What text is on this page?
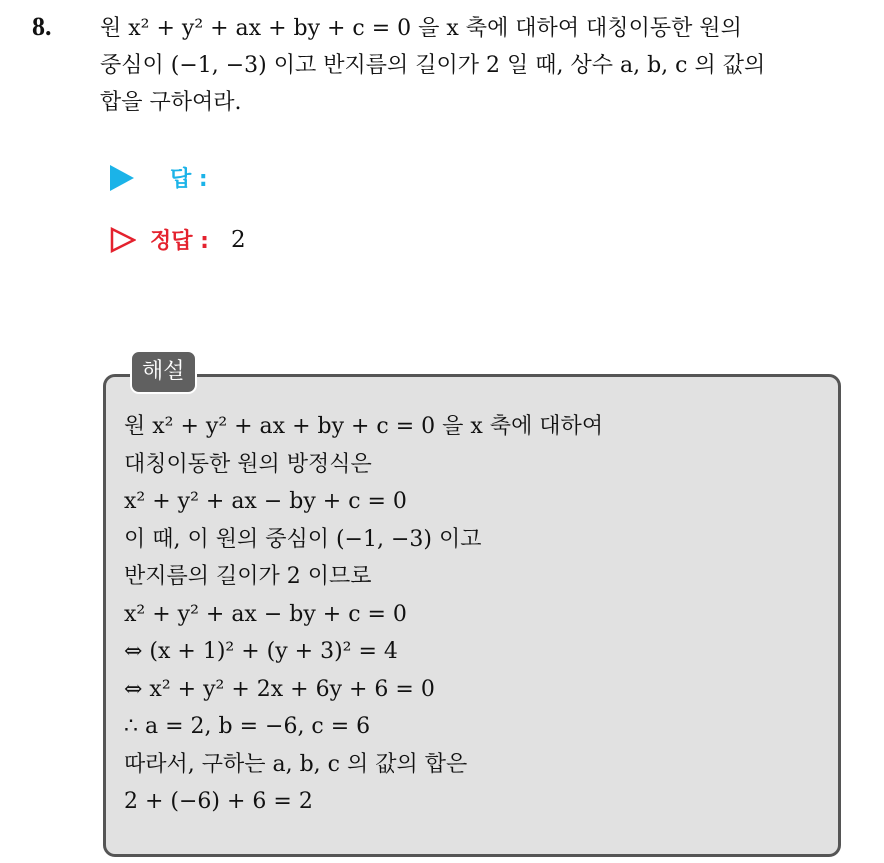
8. 원 x² + y² + ax + by + c = 0 을 x 축에 대하여 대칭이동한 원의
중심이 (−1, −3) 이고 반지름의 길이가 2 일 때, 상수 a, b, c 의 값의
합을 구하여라.
답 :
정답 : 2
해설
원 x² + y² + ax + by + c = 0 을 x 축에 대하여
대칭이동한 원의 방정식은
x² + y² + ax − by + c = 0
이 때, 이 원의 중심이 (−1, −3) 이고
반지름의 길이가 2 이므로
x² + y² + ax − by + c = 0
⇔ (x + 1)² + (y + 3)² = 4
⇔ x² + y² + 2x + 6y + 6 = 0
∴ a = 2, b = −6, c = 6
따라서, 구하는 a, b, c 의 값의 합은
2 + (−6) + 6 = 2
